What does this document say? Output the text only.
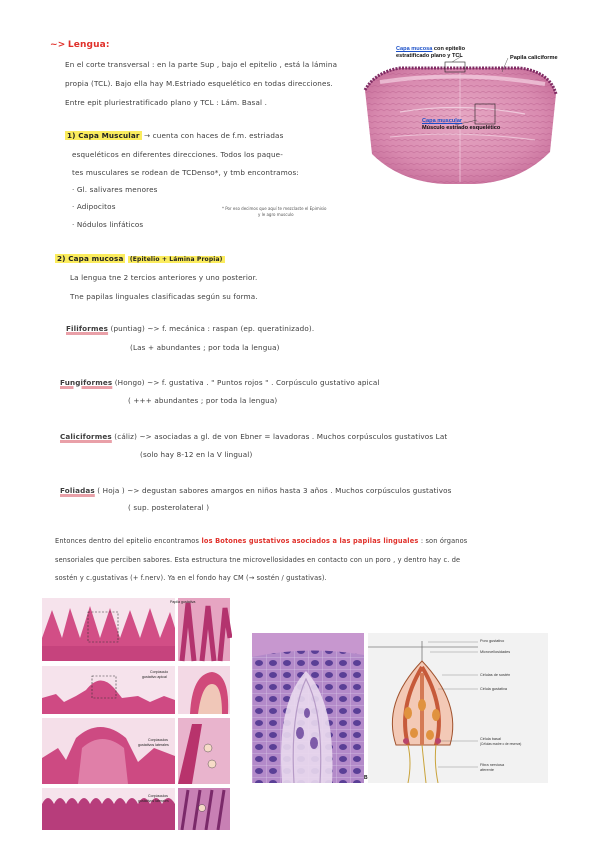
~> Lengua:
En el corte transversal : en la parte Sup , bajo el epitelio , está la lámina
propia (TCL). Bajo ella hay M.Estriado esquelético en todas direcciones.
Entre epit pluriestratificado plano y TCL : Lám. Basal .
1) Capa Muscular → cuenta con haces de f.m. estriadas
esqueléticos en diferentes direcciones. Todos los paque-
tes musculares se rodean de TCDenso*, y tmb encontramos:
· Gl. salivares menores
· Adipocitos
· Nódulos linfáticos
* Por eso decimos que aquí te mezclaste el Epimisio
y le agro musculo
2) Capa mucosa (Epitelio + Lámina Propia)
La lengua tne 2 tercios anteriores y uno posterior.
Tne papilas linguales clasificadas según su forma.
Filiformes (puntiag) ~> f. mecánica : raspan (ep. queratinizado).
(Las + abundantes ; por toda la lengua)
Fungiformes (Hongo) ~> f. gustativa . " Puntos rojos " . Corpúsculo gustativo apical
( +++ abundantes ; por toda la lengua)
Caliciformes (cáliz) ~> asociadas a gl. de von Ebner = lavadoras . Muchos corpúsculos gustativos Lat
(solo hay 8-12 en la V lingual)
Foliadas ( Hoja ) ~> degustan sabores amargos en niños hasta 3 años . Muchos corpúsculos gustativos
( sup. posterolateral )
Entonces dentro del epitelio encontramos los Botones gustativos asociados a las papilas linguales : son órganos
sensoriales que perciben sabores. Esta estructura tne microvellosidades en contacto con un poro , y dentro hay c. de
sostén y c.gustativas (+ f.nerv). Ya en el fondo hay CM (→ sostén / gustativas).
Capa mucosa con epitelio
estratificado plano y TCL	Papila caliciforme
Capa muscular
Músculo estriado esquelético
Papila gustativa
Corpúsculo
gustativo apical
Corpúsculos
gustativos laterales
Corpúsculos
gustativos laterales
B
Poro gustativo
Microvellosidades
Células de sostén
Célula gustativa
Célula basal
(Células madre o de reserva)
Fibra nerviosa
aferente
